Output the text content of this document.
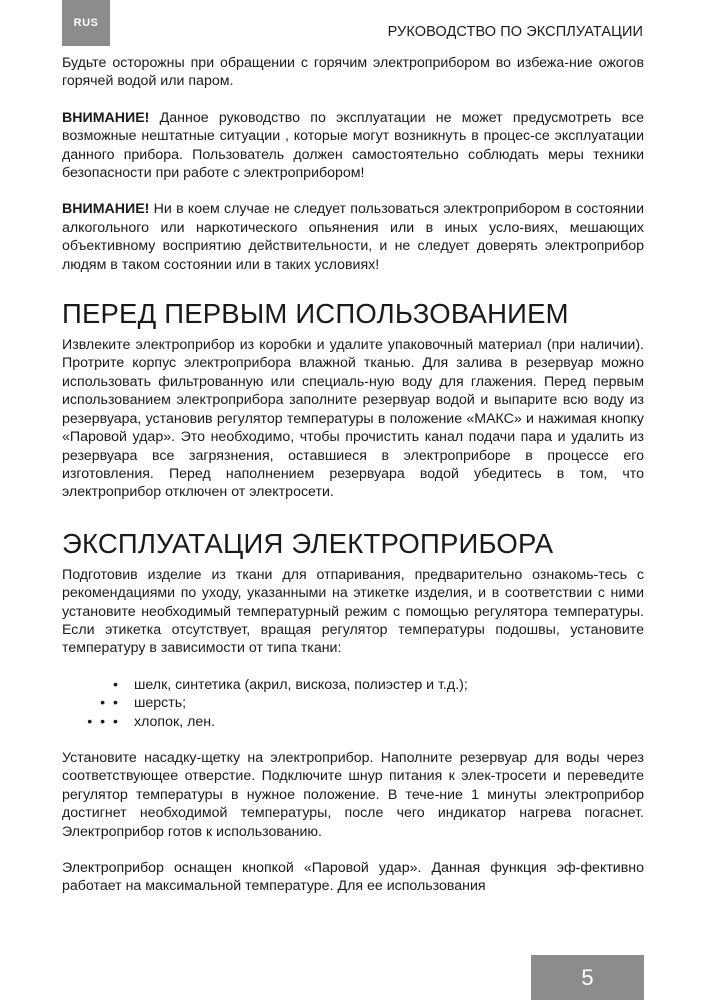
RUS
РУКОВОДСТВО ПО ЭКСПЛУАТАЦИИ

Будьте осторожны при обращении с горячим электроприбором во избежа-ние ожогов горячей водой или паром.

ВНИМАНИЕ! Данное руководство по эксплуатации не может предусмотреть все возможные нештатные ситуации , которые могут возникнуть в процес-се эксплуатации данного прибора. Пользователь должен самостоятельно соблюдать меры техники безопасности при работе с электроприбором!

ВНИМАНИЕ! Ни в коем случае не следует пользоваться электроприбором в состоянии алкогольного или наркотического опьянения или в иных усло-виях, мешающих объективному восприятию действительности, и не следует доверять электроприбор людям в таком состоянии или в таких условиях!

ПЕРЕД ПЕРВЫМ ИСПОЛЬЗОВАНИЕМ

Извлеките электроприбор из коробки и удалите упаковочный материал (при наличии). Протрите корпус электроприбора влажной тканью. Для залива в резервуар можно использовать фильтрованную или специаль-ную воду для глажения. Перед первым использованием электроприбора заполните резервуар водой и выпарите всю воду из резервуара, установив регулятор температуры в положение «МАКС» и нажимая кнопку «Паровой удар». Это необходимо, чтобы прочистить канал подачи пара и удалить из резервуара все загрязнения, оставшиеся в электроприборе в процессе его изготовления. Перед наполнением резервуара водой убедитесь в том, что электроприбор отключен от электросети.

ЭКСПЛУАТАЦИЯ ЭЛЕКТРОПРИБОРА

Подготовив изделие из ткани для отпаривания, предварительно ознакомь-тесь с рекомендациями по уходу, указанными на этикетке изделия, и в соответствии с ними установите необходимый температурный режим с помощью регулятора температуры. Если этикетка отсутствует, вращая регулятор температуры подошвы, установите температуру в зависимости от типа ткани:

• шелк, синтетика (акрил, вискоза, полиэстер и т.д.);
• • шерсть;
• • • хлопок, лен.

Установите насадку-щетку на электроприбор. Наполните резервуар для воды через соответствующее отверстие. Подключите шнур питания к элек-тросети и переведите регулятор температуры в нужное положение. В тече-ние 1 минуты электроприбор достигнет необходимой температуры, после чего индикатор нагрева погаснет. Электроприбор готов к использованию.

Электроприбор оснащен кнопкой «Паровой удар». Данная функция эф-фективно работает на максимальной температуре. Для ее использования

5
